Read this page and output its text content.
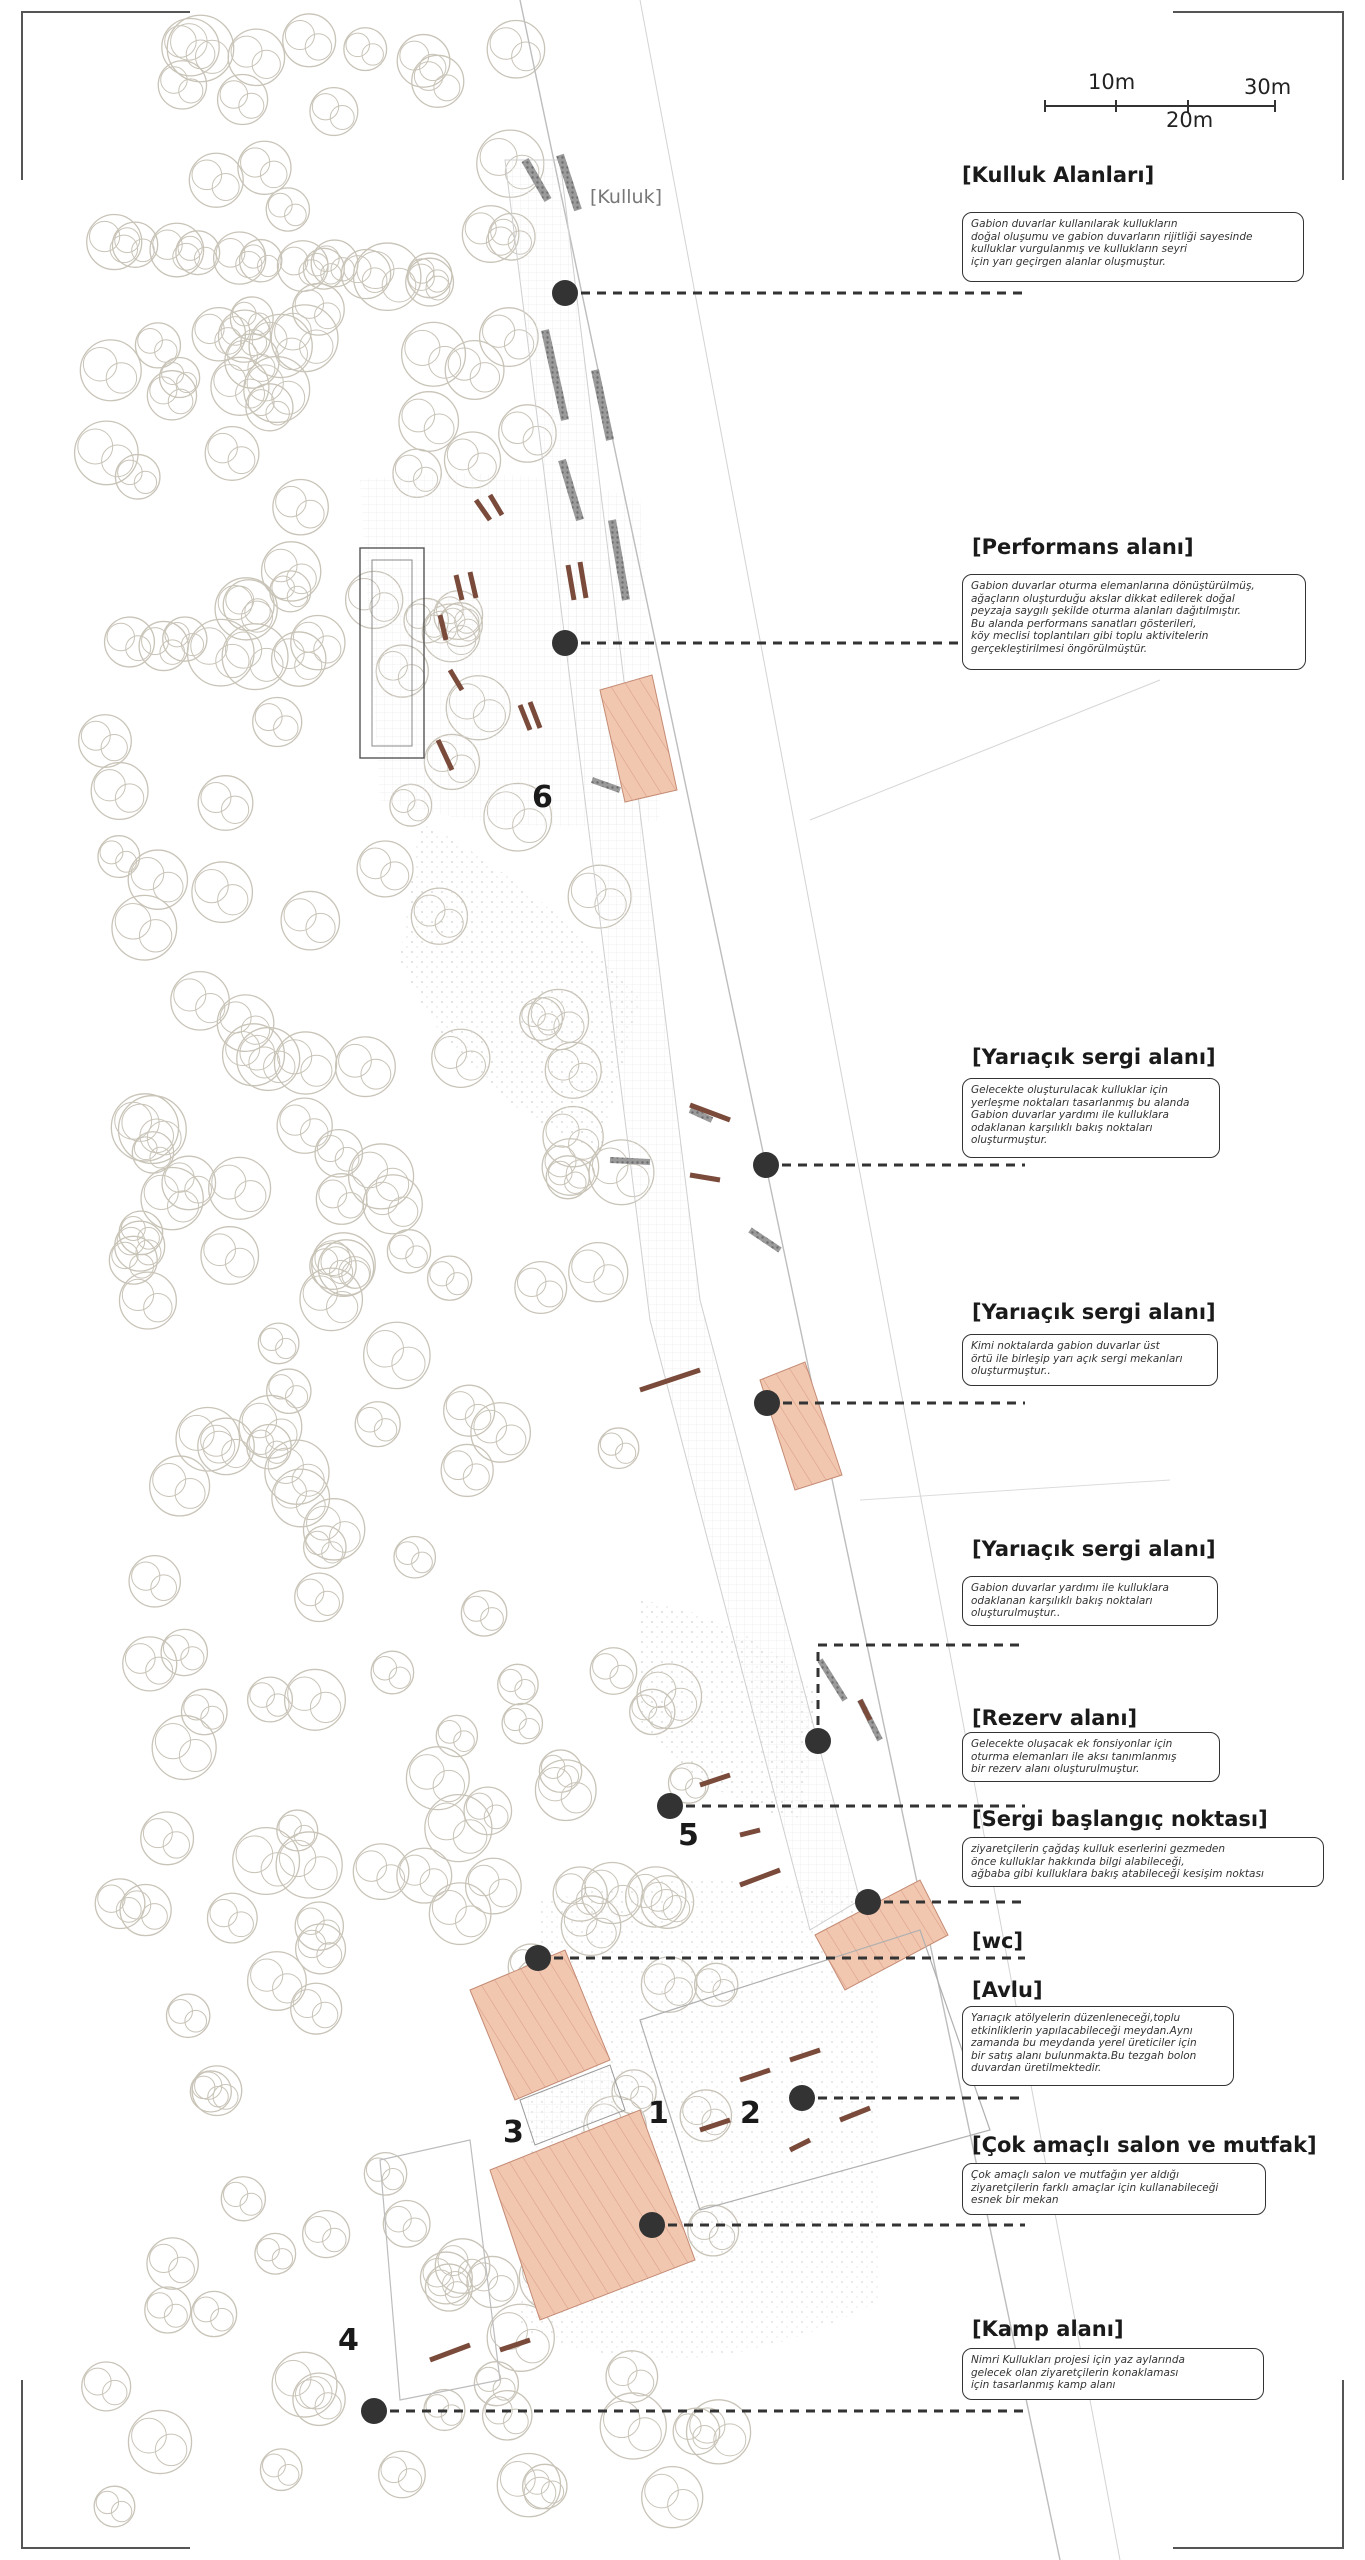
[Kulluk]
10m
20m
30m
1 2
3
4
5
6
[Kulluk Alanları]
Gabion duvarlar kullanılarak kullukların
doğal oluşumu ve gabion duvarların rijitliği sayesinde
kulluklar vurgulanmış ve kullukların seyri
için yarı geçirgen alanlar oluşmuştur.
[Performans alanı]
Gabion duvarlar oturma elemanlarına dönüştürülmüş,
ağaçların oluşturduğu akslar dikkat edilerek doğal
peyzaja saygılı şekilde oturma alanları dağıtılmıştır.
Bu alanda performans sanatları gösterileri,
köy meclisi toplantıları gibi toplu aktivitelerin
gerçekleştirilmesi öngörülmüştür.
[Yarıaçık sergi alanı]
Gelecekte oluşturulacak kulluklar için
yerleşme noktaları tasarlanmış bu alanda
Gabion duvarlar yardımı ile kulluklara
odaklanan karşılıklı bakış noktaları
oluşturmuştur.
[Yarıaçık sergi alanı]
Kimi noktalarda gabion duvarlar üst
örtü ile birleşip yarı açık sergi mekanları
oluşturmuştur..
[Yarıaçık sergi alanı]
Gabion duvarlar yardımı ile kulluklara
odaklanan karşılıklı bakış noktaları
oluşturulmuştur..
[Rezerv alanı]
Gelecekte oluşacak ek fonsiyonlar için
oturma elemanları ile aksı tanımlanmış
bir rezerv alanı oluşturulmuştur.
[Sergi başlangıç noktası]
ziyaretçilerin çağdaş kulluk eserlerini gezmeden
önce kulluklar hakkında bilgi alabileceği,
ağbaba gibi kulluklara bakış atabileceği kesişim noktası
[wc]
[Avlu]
Yarıaçık atölyelerin düzenleneceği,toplu
etkinliklerin yapılacabileceği meydan.Aynı
zamanda bu meydanda yerel üreticiler için
bir satış alanı bulunmakta.Bu tezgah bolon
duvardan üretilmektedir.
[Çok amaçlı salon ve mutfak]
Çok amaçlı salon ve mutfağın yer aldığı
ziyaretçilerin farklı amaçlar için kullanabileceği
esnek bir mekan
[Kamp alanı]
Nimri Kullukları projesi için yaz aylarında
gelecek olan ziyaretçilerin konaklaması
için tasarlanmış kamp alanı
